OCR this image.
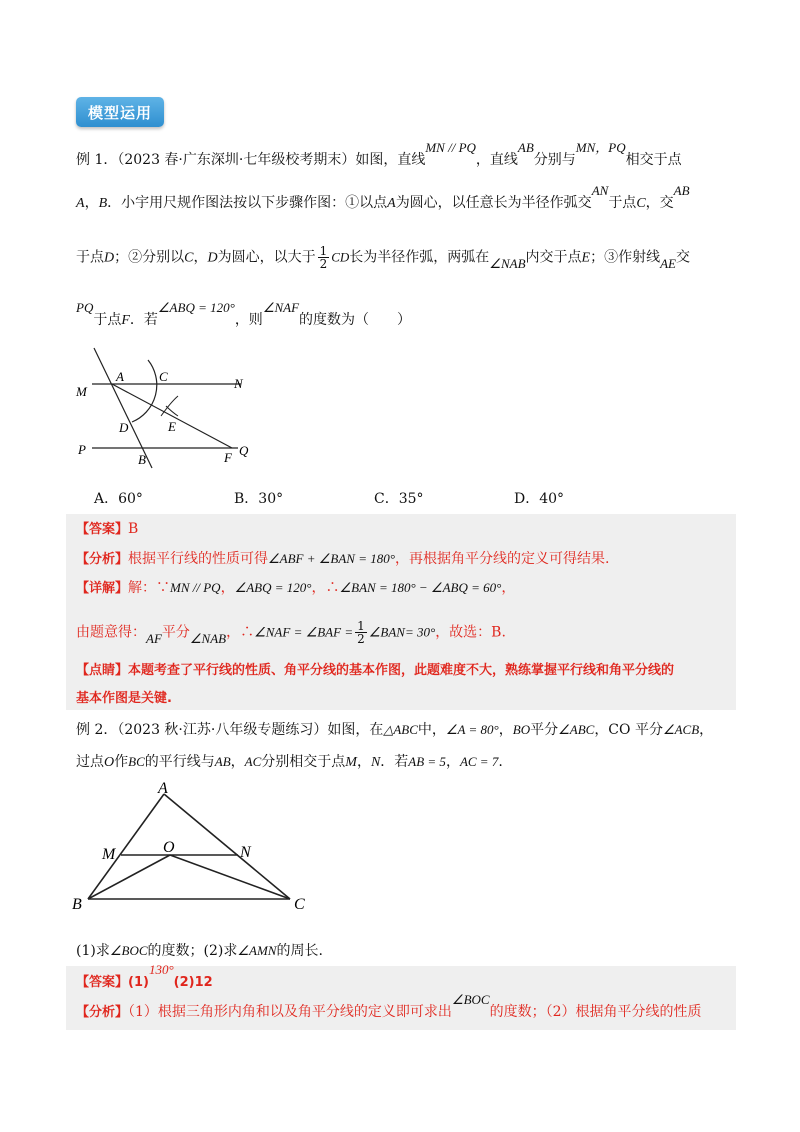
模型运用
例 1．（2023 春·广东深圳·七年级校考期末）如图，直线MN // PQ，直线AB分别与MN，PQ相交于点
A，B．小宇用尺规作图法按以下步骤作图：①以点A为圆心，以任意长为半径作弧交AN于点C，交AB
于点D；②分别以C，D为圆心，以大于 $\frac{1}{2}$ CD长为半径作弧，两弧在∠NAB内交于点E；③作射线AE交
PQ于点F．若∠ABQ = 120°，则∠NAF的度数为（　　）
M
A	C	N
D	E
P
B	F Q
A．60°	B．30°	C．35°	D．40°
【答案】B
【分析】根据平行线的性质可得∠ABF + ∠BAN = 180°，再根据角平分线的定义可得结果.
【详解】解：∵MN // PQ，∠ABQ = 120°，∴∠BAN = 180° − ∠ABQ = 60°，
由题意得：AF平分∠NAB，∴∠NAF = ∠BAF = $\frac{1}{2}$ ∠BAN= 30°，故选：B.
【点睛】本题考查了平行线的性质、角平分线的基本作图，此题难度不大，熟练掌握平行线和角平分线的
基本作图是关键.
例 2．（2023 秋·江苏·八年级专题练习）如图，在△ABC中，∠A = 80°，BO平分∠ABC，CO 平分∠ACB，
过点O作BC的平行线与AB，AC分别相交于点M，N．若AB = 5，AC = 7.
A
M	O	N
B	C
(1)求∠BOC的度数；(2)求∠AMN的周长.
【答案】(1)130°(2)12
【分析】（1）根据三角形内角和以及角平分线的定义即可求出∠BOC的度数；（2）根据角平分线的性质
